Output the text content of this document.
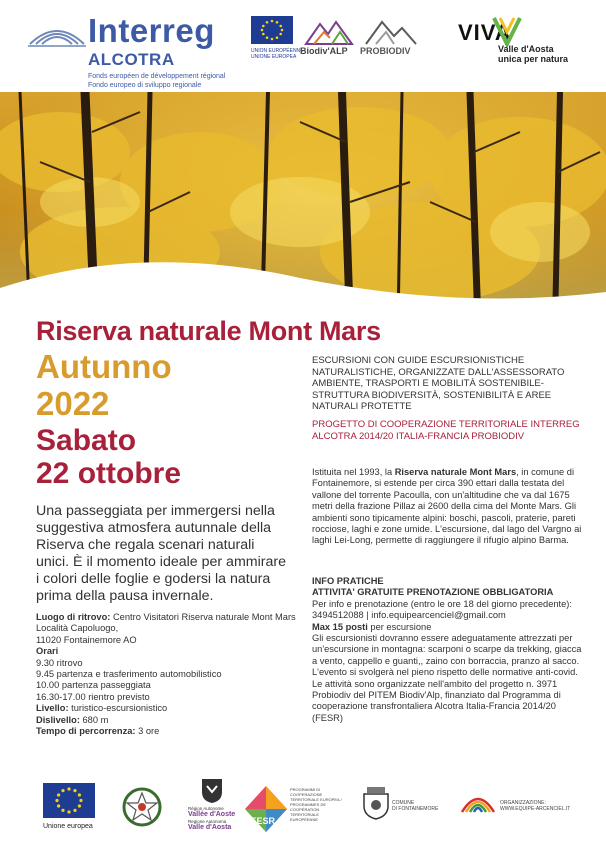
Interreg
ALCOTRA
Fonds européen de développement régional
Fondo europeo di sviluppo regionale
UNION EUROPÉENNE UNIONE EUROPEA
Biodiv'ALP PROBIODIV
VIVA
Valle d'Aosta
unica per natura
Riserva naturale Mont Mars
Autunno
2022
Sabato
22 ottobre
ESCURSIONI CON GUIDE ESCURSIONISTICHE NATURALISTICHE, ORGANIZZATE DALL'ASSESSORATO AMBIENTE, TRASPORTI E MOBILITÀ SOSTENIBILE-STRUTTURA BIODIVERSITÀ, SOSTENIBILITÀ E AREE NATURALI PROTETTE
PROGETTO DI COOPERAZIONE TERRITORIALE INTERREG ALCOTRA 2014/20 ITALIA-FRANCIA PROBIODIV
Istituita nel 1993, la Riserva naturale Mont Mars, in comune di Fontainemore, si estende per circa 390 ettari dalla testata del vallone del torrente Pacoulla, con un'altitudine che va dal 1675 metri della frazione Pillaz ai 2600 della cima del Monte Mars. Gli ambienti sono tipicamente alpini: boschi, pascoli, praterie, pareti rocciose, laghi e zone umide. L'escursione, dal lago del Vargno ai laghi Lei-Long, permette di raggiungere il rifugio alpino Barma.
INFO PRATICHE
ATTIVITA' GRATUITE PRENOTAZIONE OBBLIGATORIA
Per info e prenotazione (entro le ore 18 del giorno precedente):
3494512088 | info.equipearcenciel@gmail.com
Max 15 posti per escursione
Gli escursionisti dovranno essere adeguatamente attrezzati per un'escursione in montagna: scarponi o scarpe da trekking, giacca a vento, cappello e guanti,, zaino con borraccia, pranzo al sacco.
L'evento si svolgerà nel pieno rispetto delle normative anti-covid.
Le attività sono organizzate nell'ambito del progetto n. 3971 Probiodiv del PITEM Biodiv'Alp, finanziato dal Programma di cooperazione transfrontaliera Alcotra Italia-Francia 2014/20 (FESR)
Una passeggiata per immergersi nella suggestiva atmosfera autunnale della Riserva che regala scenari naturali unici. È il momento ideale per ammirare i colori delle foglie e godersi la natura prima della pausa invernale.
Luogo di ritrovo: Centro Visitatori Riserva naturale Mont Mars
Località Capoluogo,
11020 Fontainemore AO
Orari
9.30 ritrovo
9.45 partenza e trasferimento automobilistico
10.00 partenza passeggiata
16.30-17.00 rientro previsto
Livello: turistico-escursionistico
Dislivello: 680 m
Tempo di percorrenza: 3 ore
Unione europea
Région Autonome
Vallée d'Aoste
Regione Autonoma
Valle d'Aosta
FESR
PROGRAMMI DI COOPERAZIONE TERRITORIALE EUROPEA / PROGRAMMES DE COOPÉRATION TERRITORIALE EUROPÉENNE
COMUNE
DI FONTAINEMORE
ORGANIZZAZIONE:
WWW.EQUIPE-ARCENCIEL.IT
